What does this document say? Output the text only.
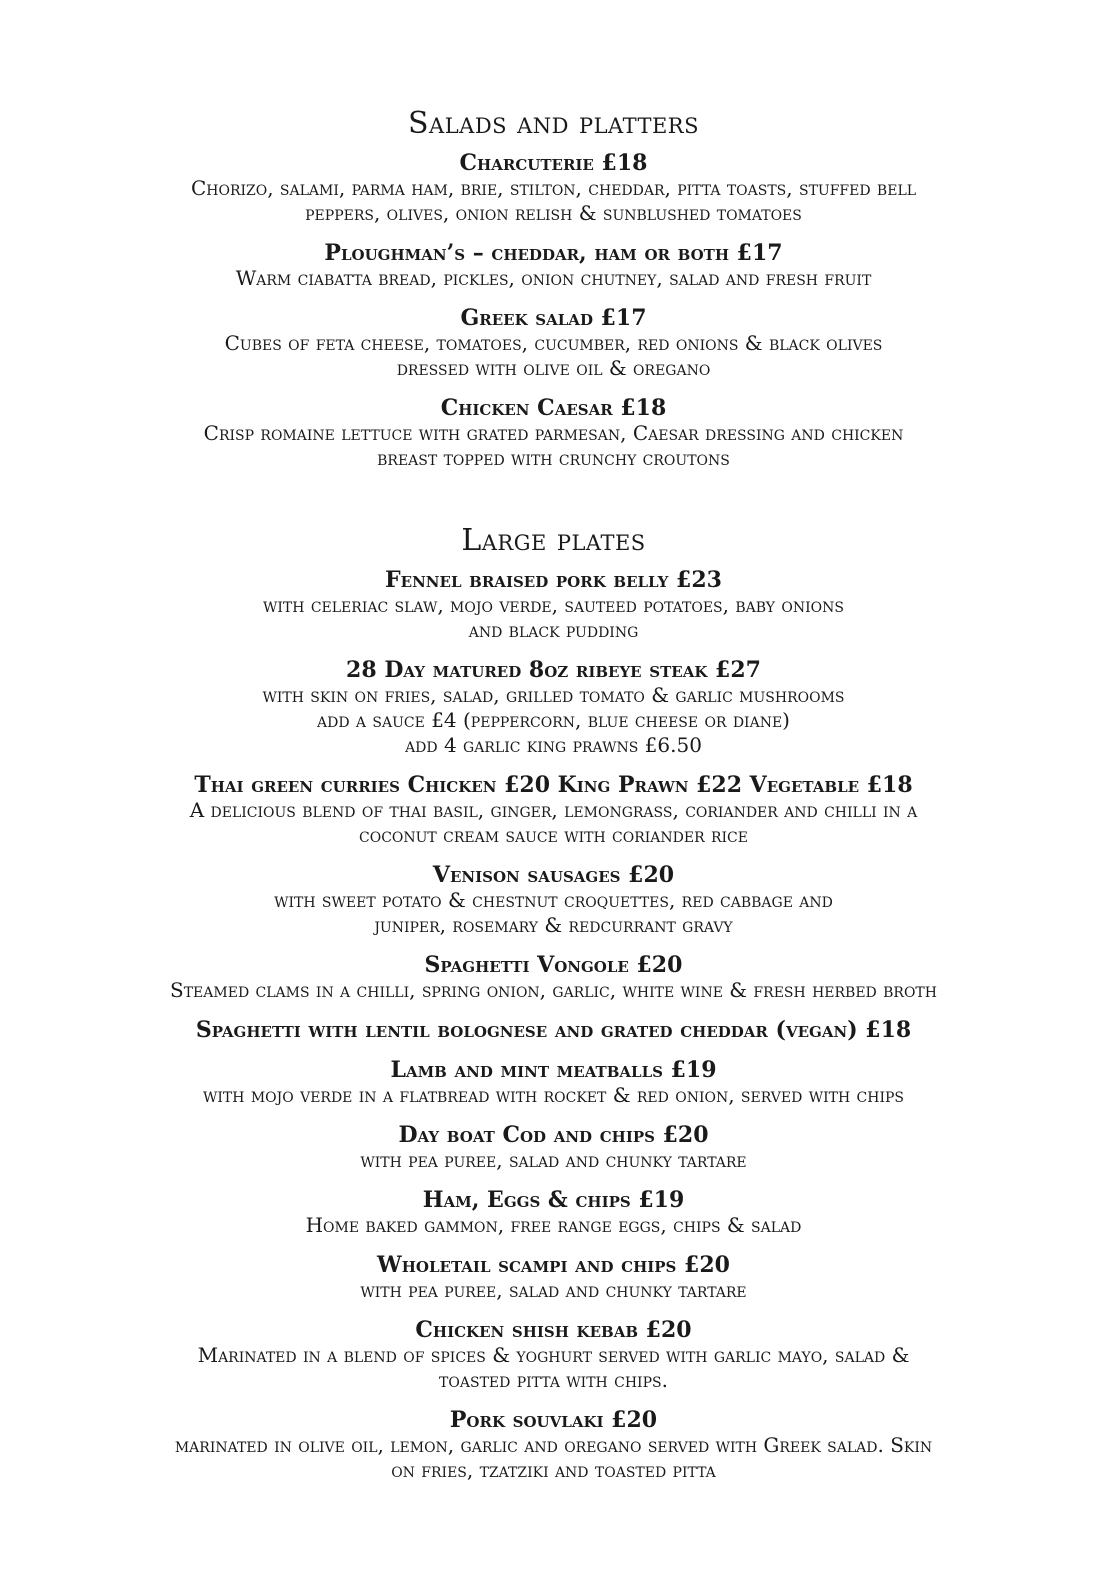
Salads and platters
Charcuterie £18
Chorizo, salami, parma ham, brie, stilton, cheddar, pitta toasts, stuffed bell
peppers, olives, onion relish & sunblushed tomatoes
Ploughman’s – cheddar, ham or both £17
Warm ciabatta bread, pickles, onion chutney, salad and fresh fruit
Greek salad £17
Cubes of feta cheese, tomatoes, cucumber, red onions & black olives
dressed with olive oil & oregano
Chicken Caesar £18
Crisp romaine lettuce with grated parmesan, Caesar dressing and chicken
breast topped with crunchy croutons
Large plates
Fennel braised pork belly £23
with celeriac slaw, mojo verde, sauteed potatoes, baby onions
and black pudding
28 Day matured 8oz ribeye steak £27
with skin on fries, salad, grilled tomato & garlic mushrooms
add a sauce £4 (peppercorn, blue cheese or diane)
add 4 garlic king prawns £6.50
Thai green curries Chicken £20 King Prawn £22 Vegetable £18
A delicious blend of thai basil, ginger, lemongrass, coriander and chilli in a
coconut cream sauce with coriander rice
Venison sausages £20
with sweet potato & chestnut croquettes, red cabbage and
juniper, rosemary & redcurrant gravy
Spaghetti Vongole £20
Steamed clams in a chilli, spring onion, garlic, white wine & fresh herbed broth
Spaghetti with lentil bolognese and grated cheddar (vegan) £18
Lamb and mint meatballs £19
with mojo verde in a flatbread with rocket & red onion, served with chips
Day boat Cod and chips £20
with pea puree, salad and chunky tartare
Ham, Eggs & chips £19
Home baked gammon, free range eggs, chips & salad
Wholetail scampi and chips £20
with pea puree, salad and chunky tartare
Chicken shish kebab £20
Marinated in a blend of spices & yoghurt served with garlic mayo, salad &
toasted pitta with chips.
Pork souvlaki £20
marinated in olive oil, lemon, garlic and oregano served with Greek salad. Skin
on fries, tzatziki and toasted pitta
